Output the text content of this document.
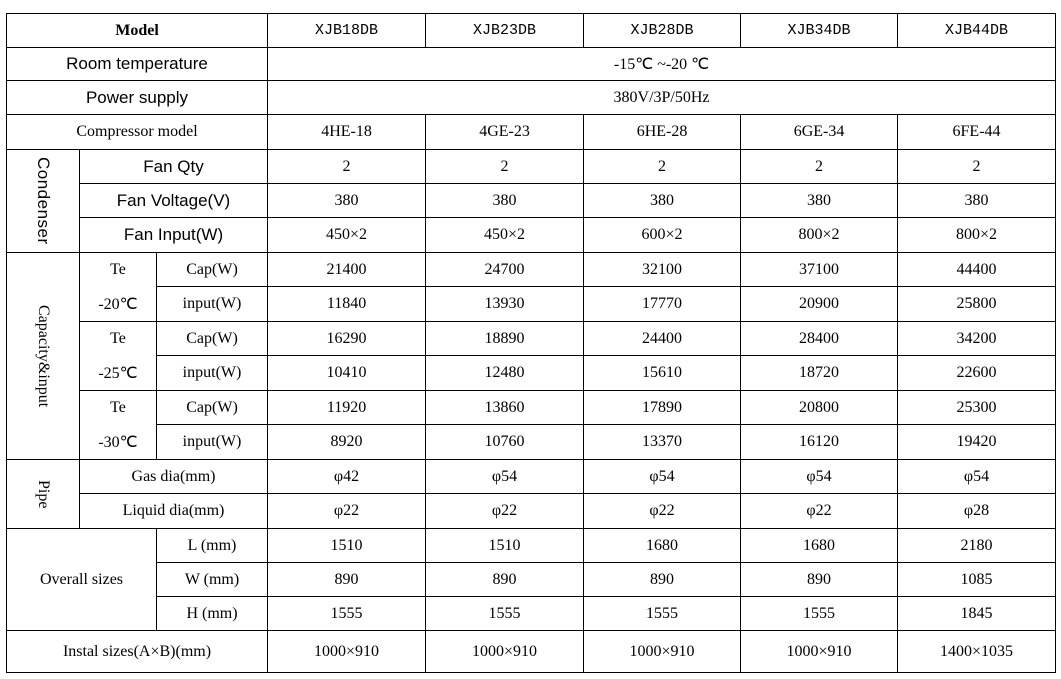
Model			XJB18DB	XJB23DB	XJB28DB	XJB34DB	XJB44DB
Room temperature			-15℃ ~-20 ℃				
Power supply			380V/3P/50Hz				
Compressor model			4HE-18	4GE-23	6HE-28	6GE-34	6FE-44
Condenser	Fan Qty		2	2	2	2	2
	Fan Voltage(V)		380	380	380	380	380
	Fan Input(W)		450×2	450×2	600×2	800×2	800×2
Capacity&input	Te	Cap(W)	21400	24700	32100	37100	44400
	-20℃	input(W)	11840	13930	17770	20900	25800
	Te	Cap(W)	16290	18890	24400	28400	34200
	-25℃	input(W)	10410	12480	15610	18720	22600
	Te	Cap(W)	11920	13860	17890	20800	25300
	-30℃	input(W)	8920	10760	13370	16120	19420
Pipe	Gas dia(mm)		φ42	φ54	φ54	φ54	φ54
	Liquid dia(mm)		φ22	φ22	φ22	φ22	φ28
Overall sizes		L (mm)	1510	1510	1680	1680	2180
		W (mm)	890	890	890	890	1085
		H (mm)	1555	1555	1555	1555	1845
Instal sizes(A×B)(mm)			1000×910	1000×910	1000×910	1000×910	1400×1035
